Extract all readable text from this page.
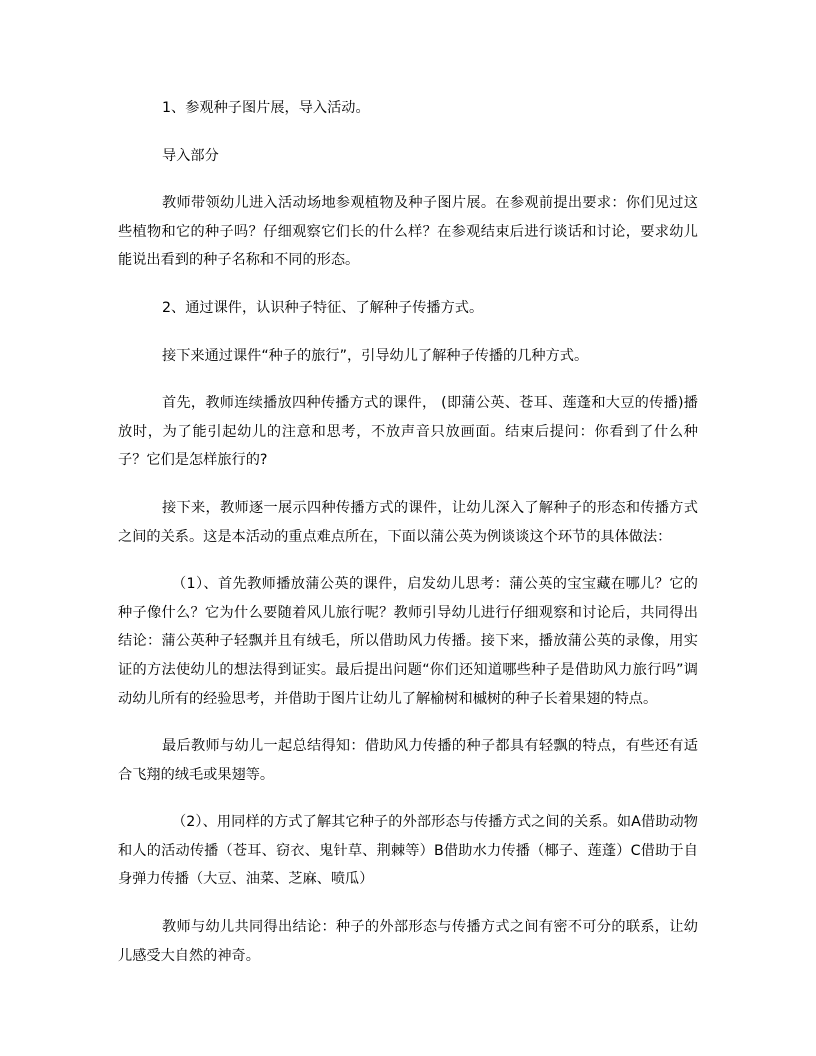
1、参观种子图片展，导入活动。

导入部分

教师带领幼儿进入活动场地参观植物及种子图片展。在参观前提出要求：你们见过这些植物和它的种子吗？仔细观察它们长的什么样？在参观结束后进行谈话和讨论，要求幼儿能说出看到的种子名称和不同的形态。

2、通过课件，认识种子特征、了解种子传播方式。

接下来通过课件“种子的旅行”，引导幼儿了解种子传播的几种方式。

首先，教师连续播放四种传播方式的课件， (即蒲公英、苍耳、莲蓬和大豆的传播)播放时，为了能引起幼儿的注意和思考，不放声音只放画面。结束后提问：你看到了什么种子？它们是怎样旅行的?

接下来，教师逐一展示四种传播方式的课件，让幼儿深入了解种子的形态和传播方式之间的关系。这是本活动的重点难点所在，下面以蒲公英为例谈谈这个环节的具体做法：

（1）、首先教师播放蒲公英的课件，启发幼儿思考：蒲公英的宝宝藏在哪儿？它的种子像什么？它为什么要随着风儿旅行呢？教师引导幼儿进行仔细观察和讨论后，共同得出结论：蒲公英种子轻飘并且有绒毛，所以借助风力传播。接下来，播放蒲公英的录像，用实证的方法使幼儿的想法得到证实。最后提出问题“你们还知道哪些种子是借助风力旅行吗”调动幼儿所有的经验思考，并借助于图片让幼儿了解榆树和槭树的种子长着果翅的特点。

最后教师与幼儿一起总结得知：借助风力传播的种子都具有轻飘的特点，有些还有适合飞翔的绒毛或果翅等。

（2）、用同样的方式了解其它种子的外部形态与传播方式之间的关系。如A借助动物和人的活动传播（苍耳、窃衣、鬼针草、荆棘等）B借助水力传播（椰子、莲蓬）C借助于自身弹力传播（大豆、油菜、芝麻、喷瓜）

教师与幼儿共同得出结论：种子的外部形态与传播方式之间有密不可分的联系，让幼儿感受大自然的神奇。
